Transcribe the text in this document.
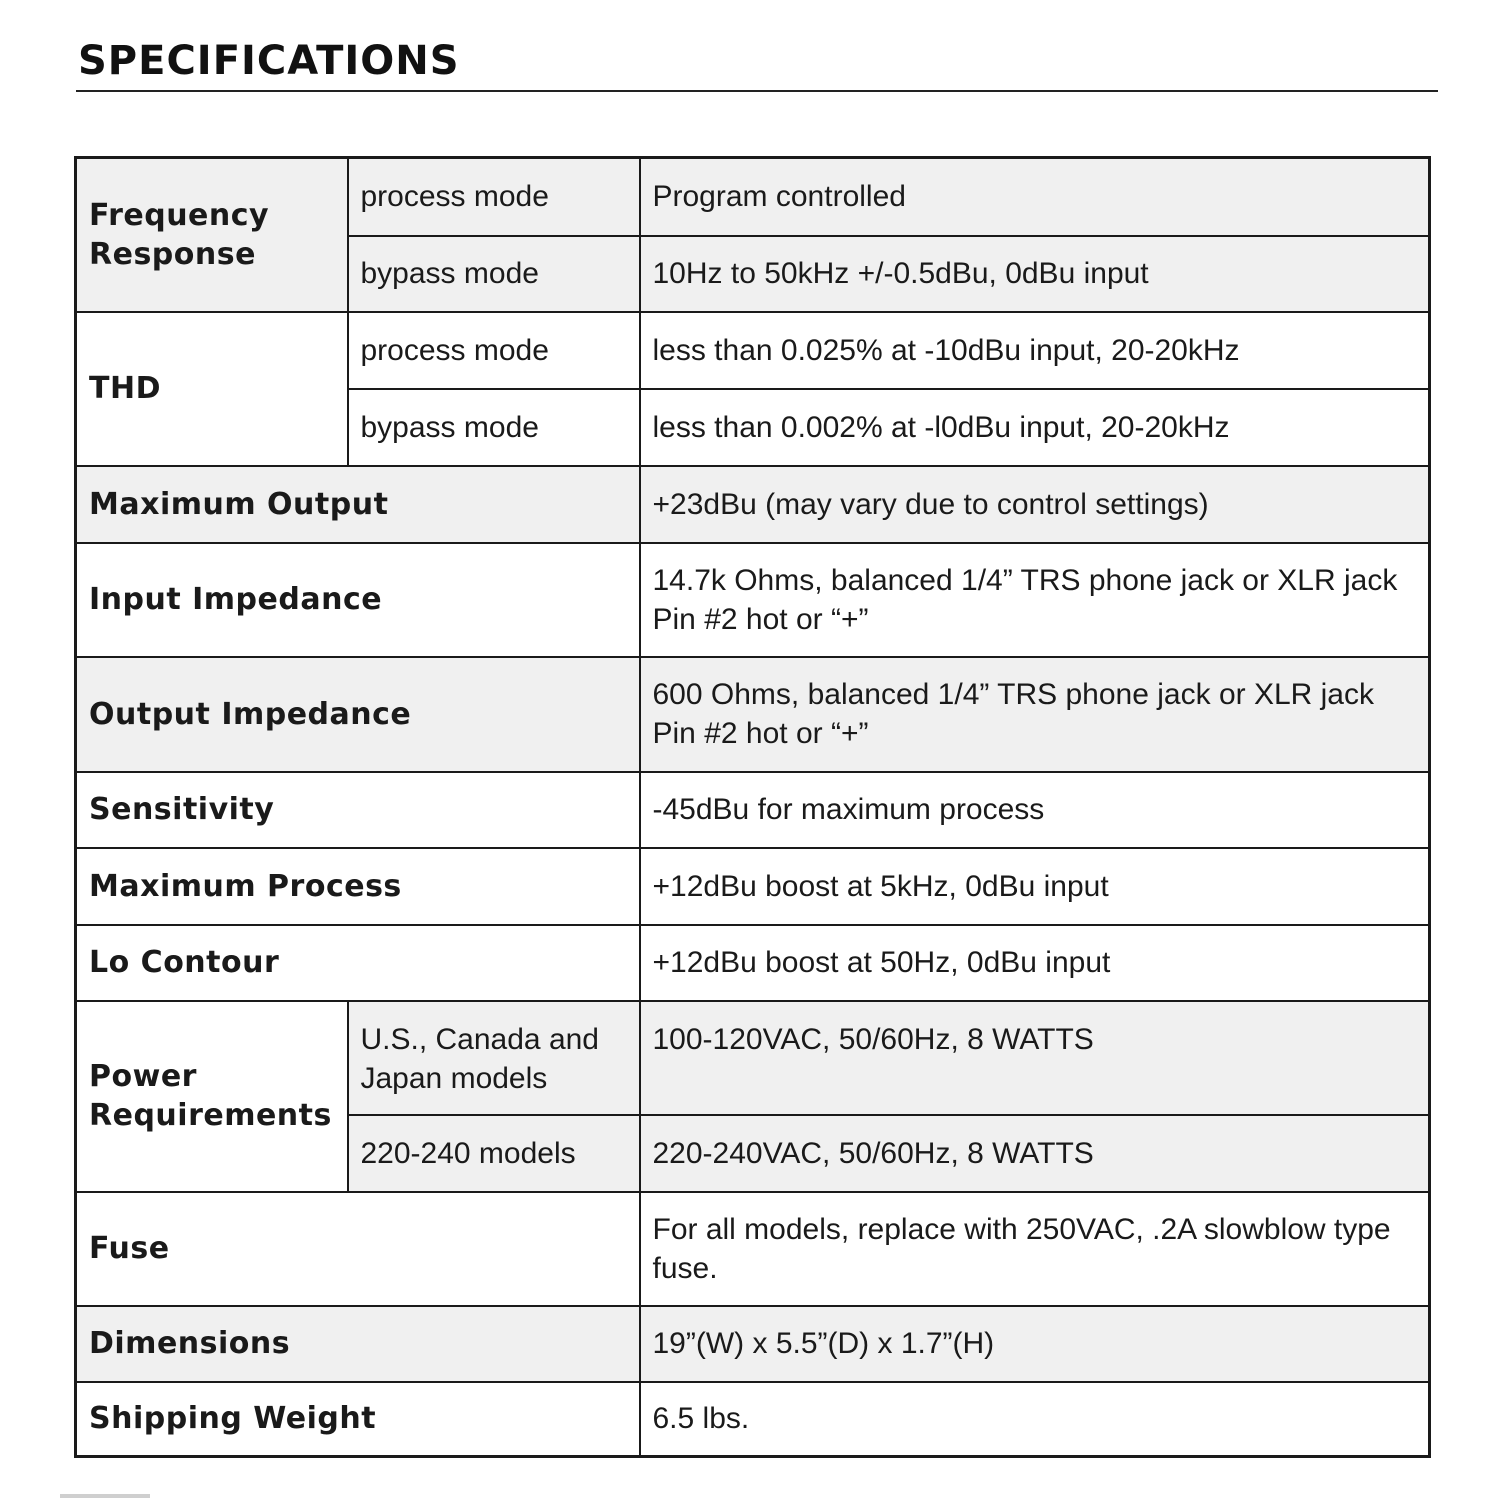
SPECIFICATIONS
Frequency Response	process mode	Program controlled
	bypass mode	10Hz to 50kHz +/-0.5dBu, 0dBu input
THD	process mode	less than 0.025% at -10dBu input, 20-20kHz
	bypass mode	less than 0.002% at -l0dBu input, 20-20kHz
Maximum Output		+23dBu (may vary due to control settings)
Input Impedance		14.7k Ohms, balanced 1/4” TRS phone jack or XLR jack Pin #2 hot or “+”
Output Impedance		600 Ohms, balanced 1/4” TRS phone jack or XLR jack Pin #2 hot or “+”
Sensitivity		-45dBu for maximum process
Maximum Process		+12dBu boost at 5kHz, 0dBu input
Lo Contour		+12dBu boost at 50Hz, 0dBu input
Power Requirements	U.S., Canada and Japan models	100-120VAC, 50/60Hz, 8 WATTS
	220-240 models	220-240VAC, 50/60Hz, 8 WATTS
Fuse		For all models, replace with 250VAC, .2A slowblow type fuse.
Dimensions		19”(W) x 5.5”(D) x 1.7”(H)
Shipping Weight		6.5 lbs.
